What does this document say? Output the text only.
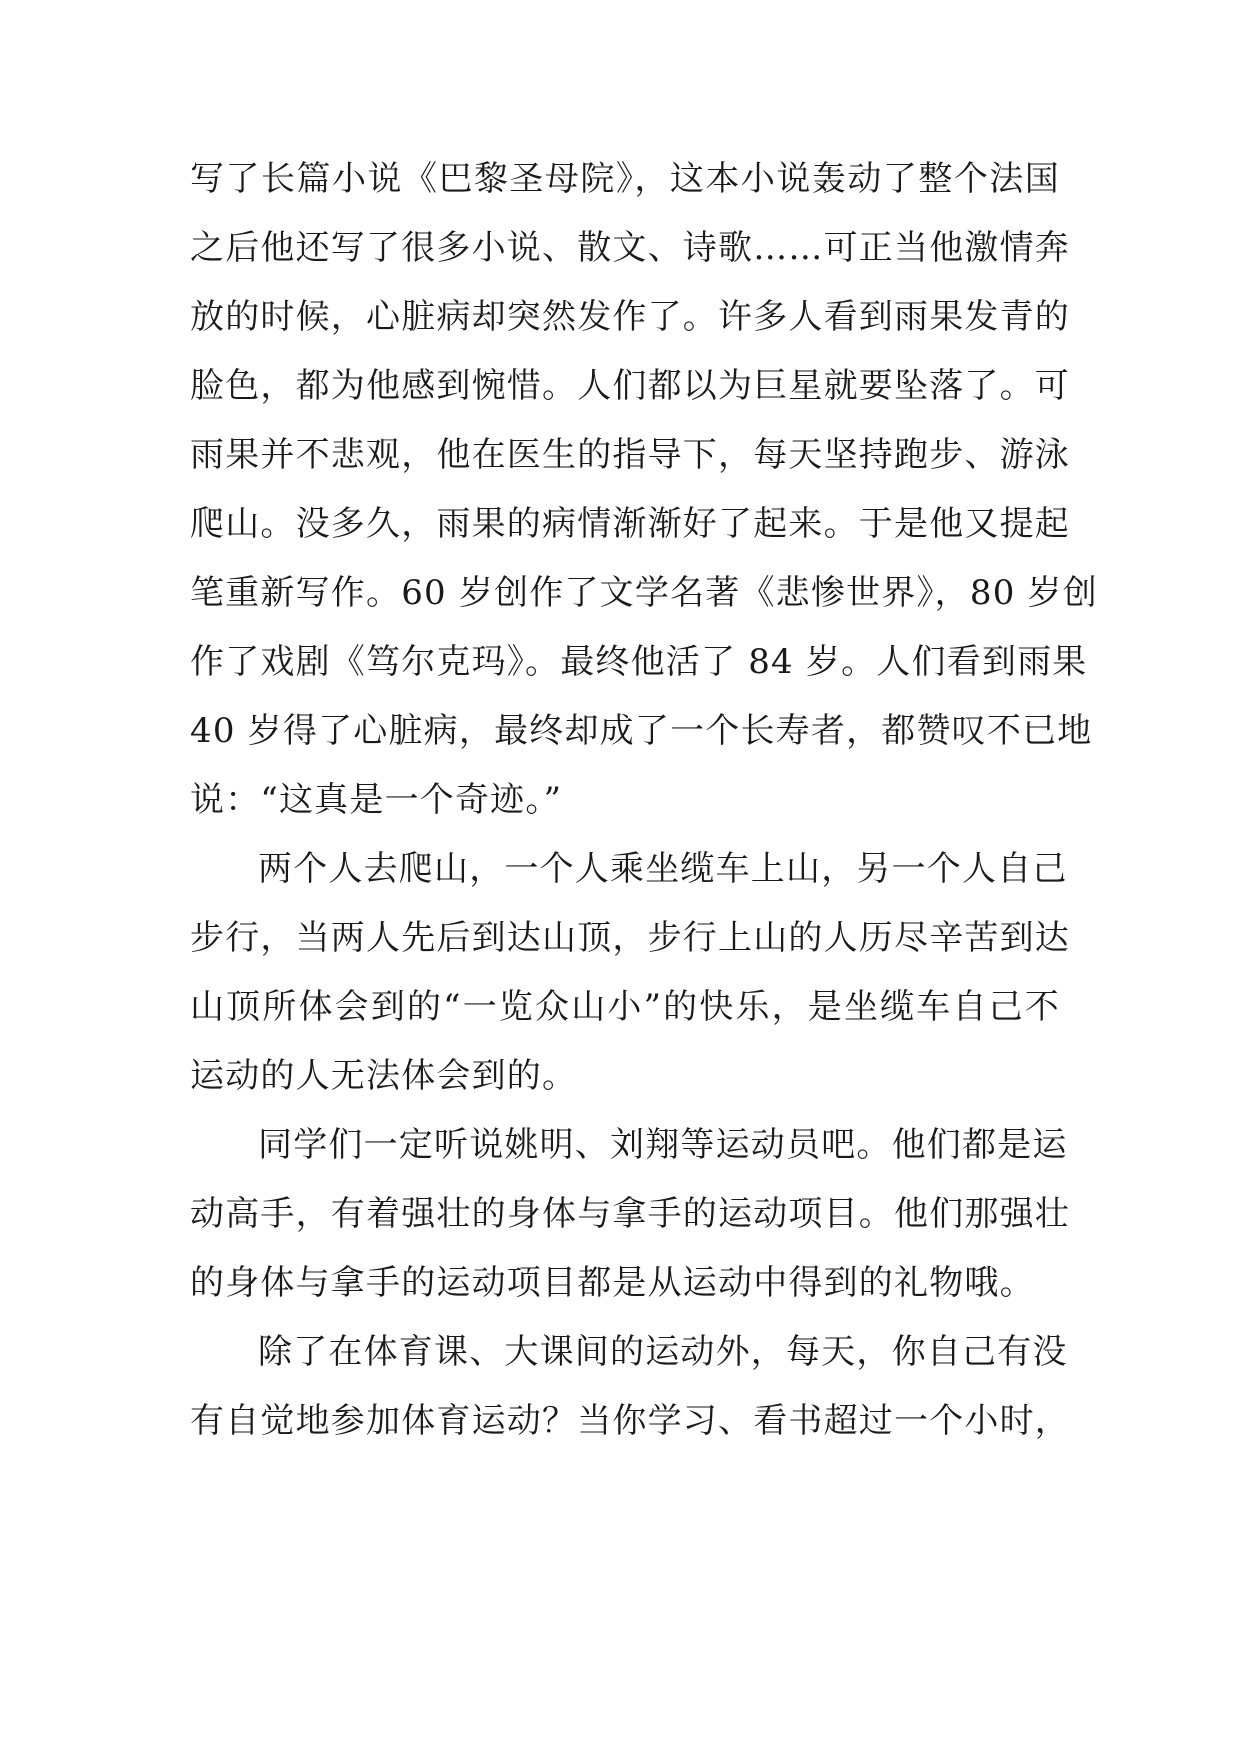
写了长篇小说《巴黎圣母院》，这本小说轰动了整个法国
之后他还写了很多小说、散文、诗歌……可正当他激情奔
放的时候，心脏病却突然发作了。许多人看到雨果发青的
脸色，都为他感到惋惜。人们都以为巨星就要坠落了。可
雨果并不悲观，他在医生的指导下，每天坚持跑步、游泳
爬山。没多久，雨果的病情渐渐好了起来。于是他又提起
笔重新写作。60 岁创作了文学名著《悲惨世界》，80 岁创
作了戏剧《笃尔克玛》。最终他活了 84 岁。人们看到雨果
40 岁得了心脏病，最终却成了一个长寿者，都赞叹不已地
说：“这真是一个奇迹。”
两个人去爬山，一个人乘坐缆车上山，另一个人自己
步行，当两人先后到达山顶，步行上山的人历尽辛苦到达
山顶所体会到的“一览众山小”的快乐，是坐缆车自己不
运动的人无法体会到的。
同学们一定听说姚明、刘翔等运动员吧。他们都是运
动高手，有着强壮的身体与拿手的运动项目。他们那强壮
的身体与拿手的运动项目都是从运动中得到的礼物哦。
除了在体育课、大课间的运动外，每天，你自己有没
有自觉地参加体育运动？当你学习、看书超过一个小时，
